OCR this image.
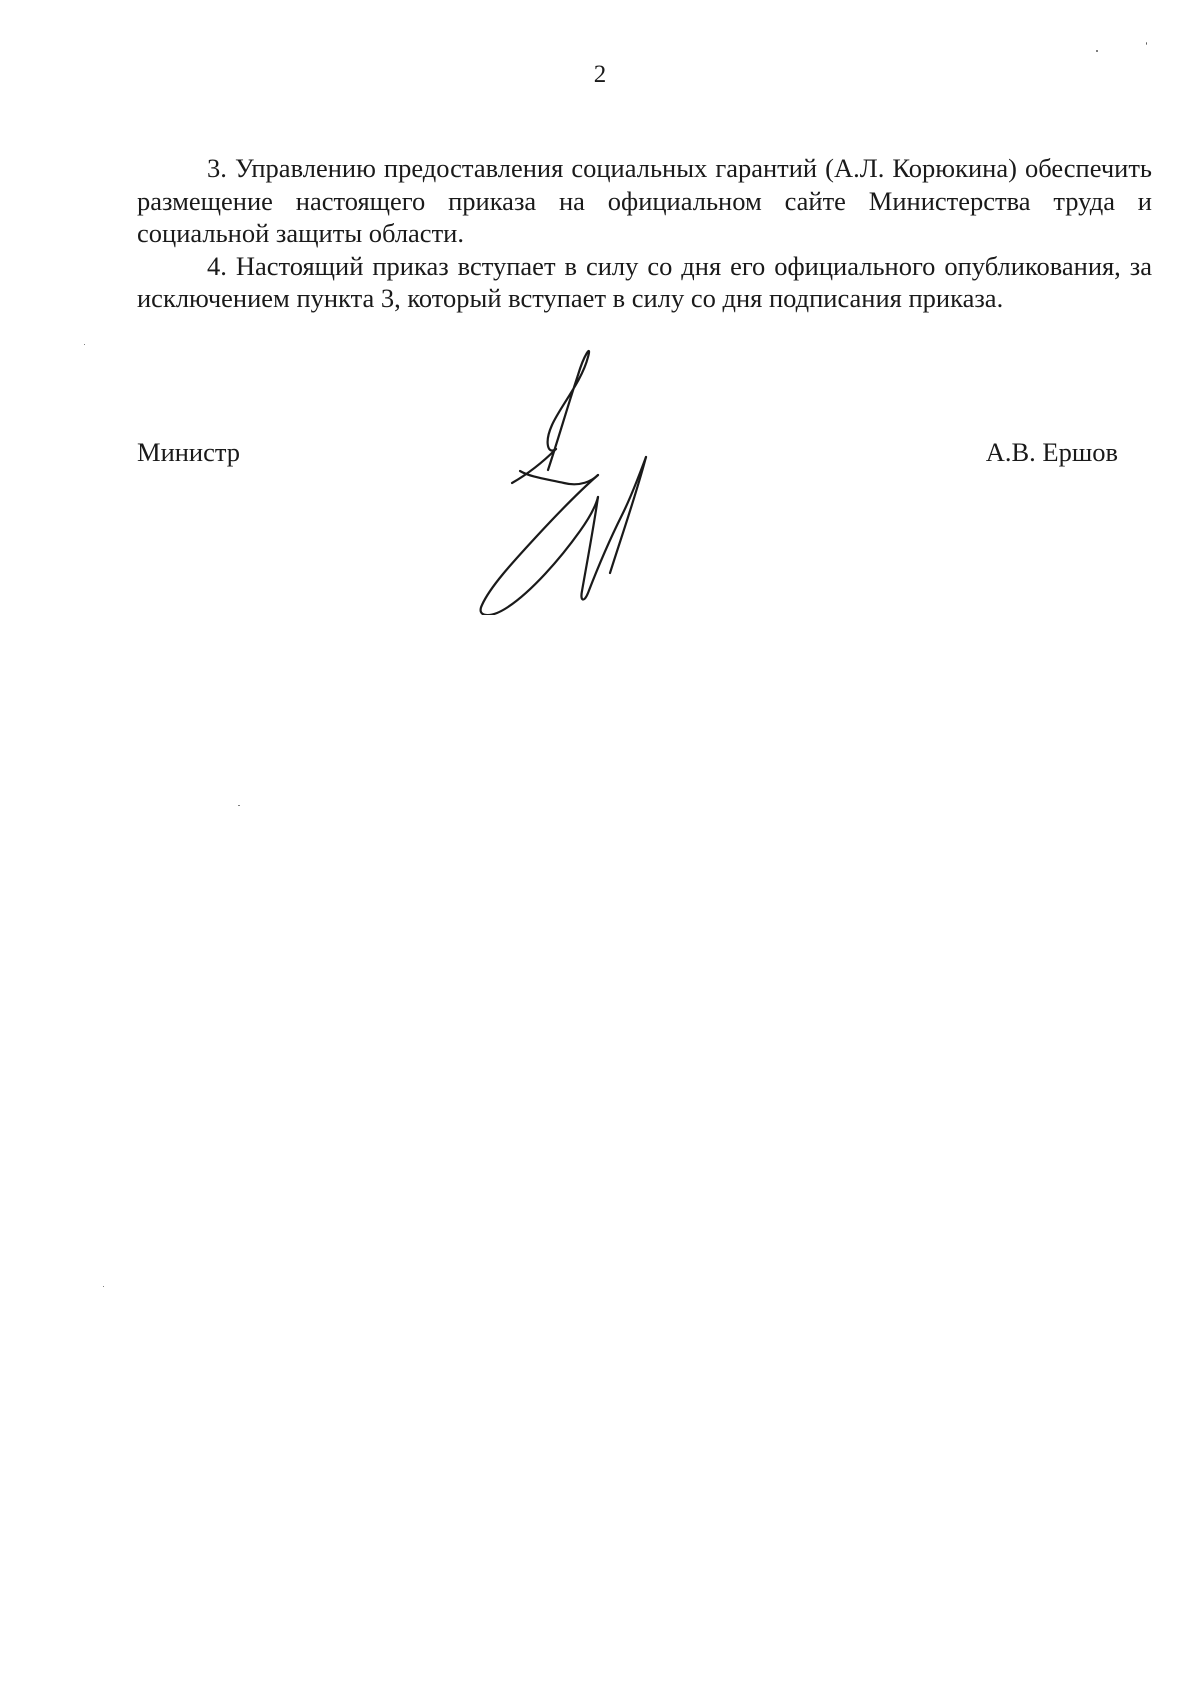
2

3. Управлению предоставления социальных гарантий (А.Л. Корюкина) обеспечить размещение настоящего приказа на официальном сайте Министерства труда и социальной защиты области.

4. Настоящий приказ вступает в силу со дня его официального опубликования, за исключением пункта 3, который вступает в силу со дня подписания приказа.

Министр	А.В. Ершов
